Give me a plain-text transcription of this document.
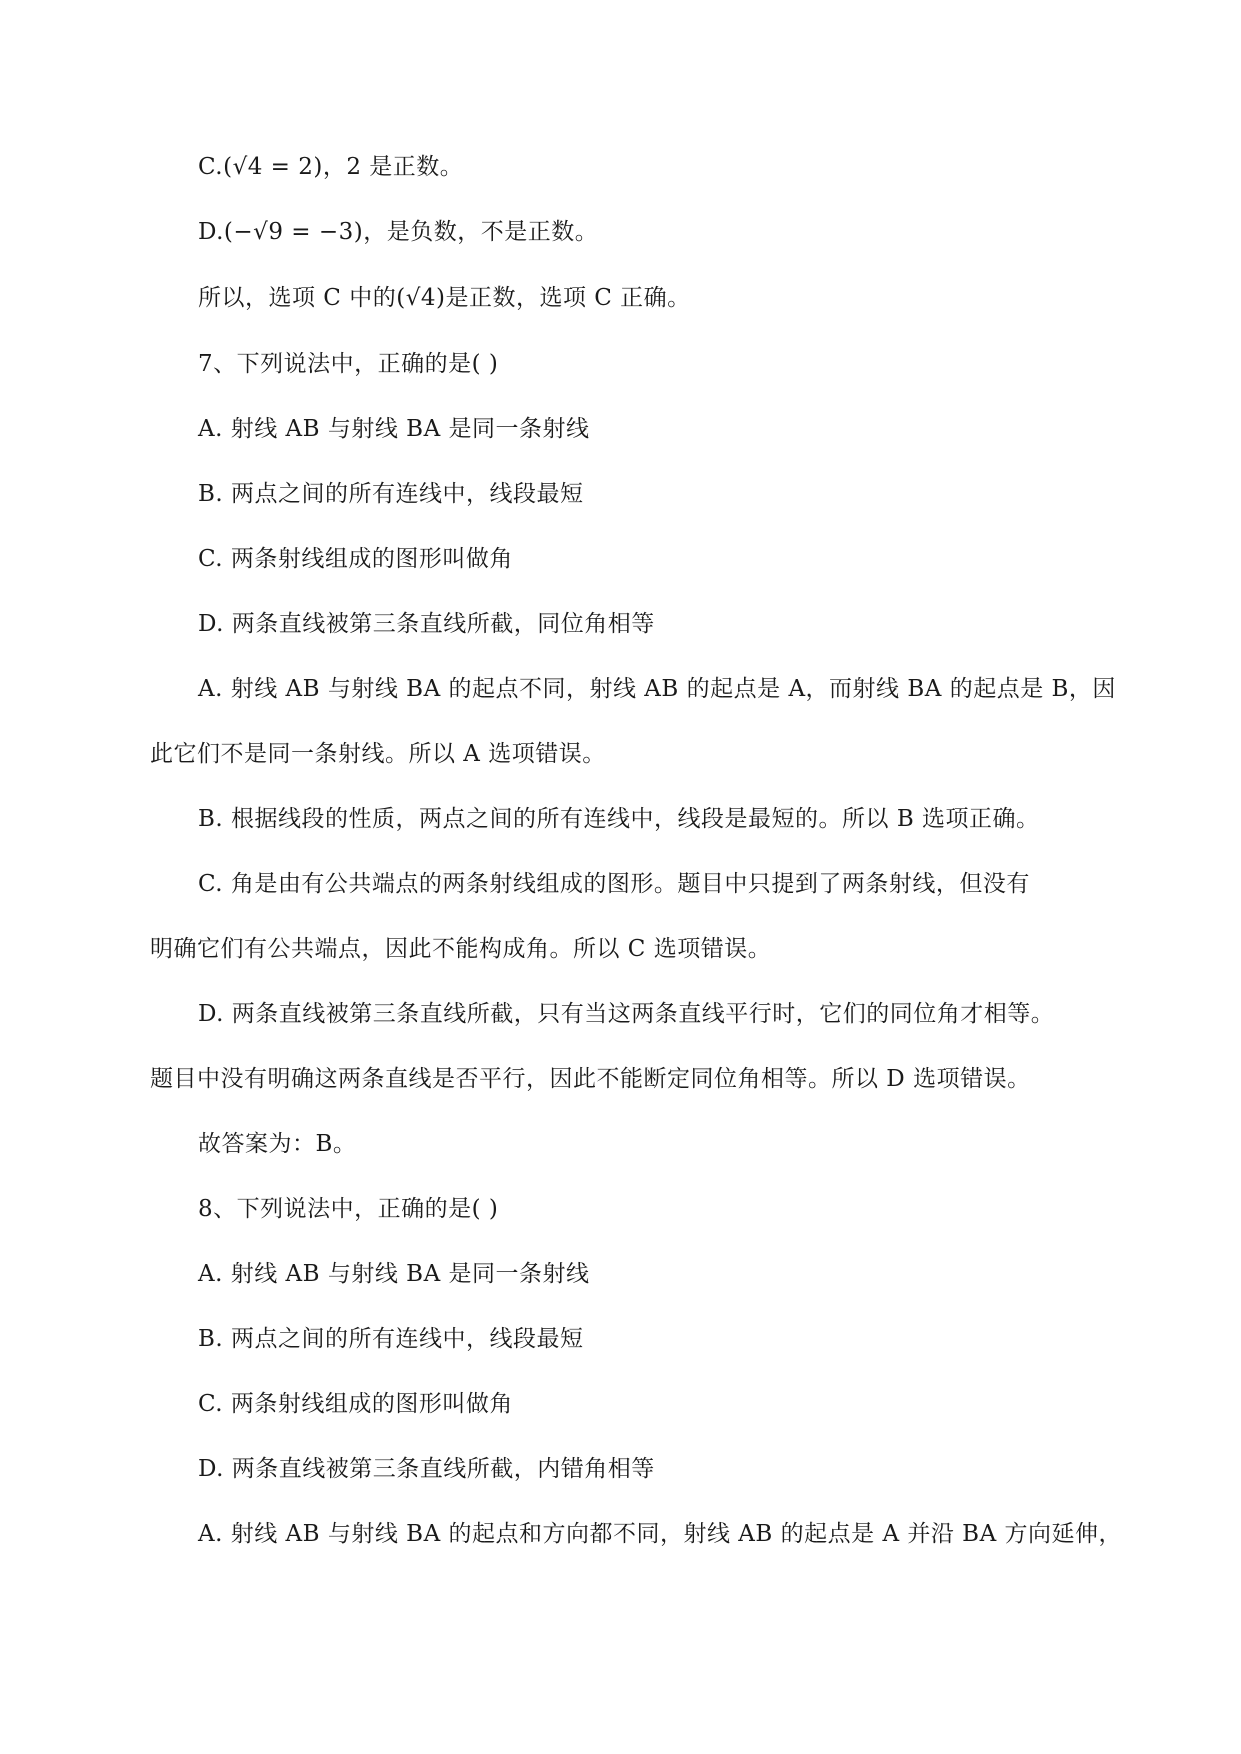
C.(√4 = 2)，2 是正数。
D.(−√9 = −3)，是负数，不是正数。
所以，选项 C 中的(√4)是正数，选项 C 正确。
7、下列说法中，正确的是( )
A. 射线 AB 与射线 BA 是同一条射线
B. 两点之间的所有连线中，线段最短
C. 两条射线组成的图形叫做角
D. 两条直线被第三条直线所截，同位角相等
A. 射线 AB 与射线 BA 的起点不同，射线 AB 的起点是 A，而射线 BA 的起点是 B，因
此它们不是同一条射线。所以 A 选项错误。
B. 根据线段的性质，两点之间的所有连线中，线段是最短的。所以 B 选项正确。
C. 角是由有公共端点的两条射线组成的图形。题目中只提到了两条射线，但没有
明确它们有公共端点，因此不能构成角。所以 C 选项错误。
D. 两条直线被第三条直线所截，只有当这两条直线平行时，它们的同位角才相等。
题目中没有明确这两条直线是否平行，因此不能断定同位角相等。所以 D 选项错误。
故答案为：B。
8、下列说法中，正确的是( )
A. 射线 AB 与射线 BA 是同一条射线
B. 两点之间的所有连线中，线段最短
C. 两条射线组成的图形叫做角
D. 两条直线被第三条直线所截，内错角相等
A. 射线 AB 与射线 BA 的起点和方向都不同，射线 AB 的起点是 A 并沿 BA 方向延伸，
